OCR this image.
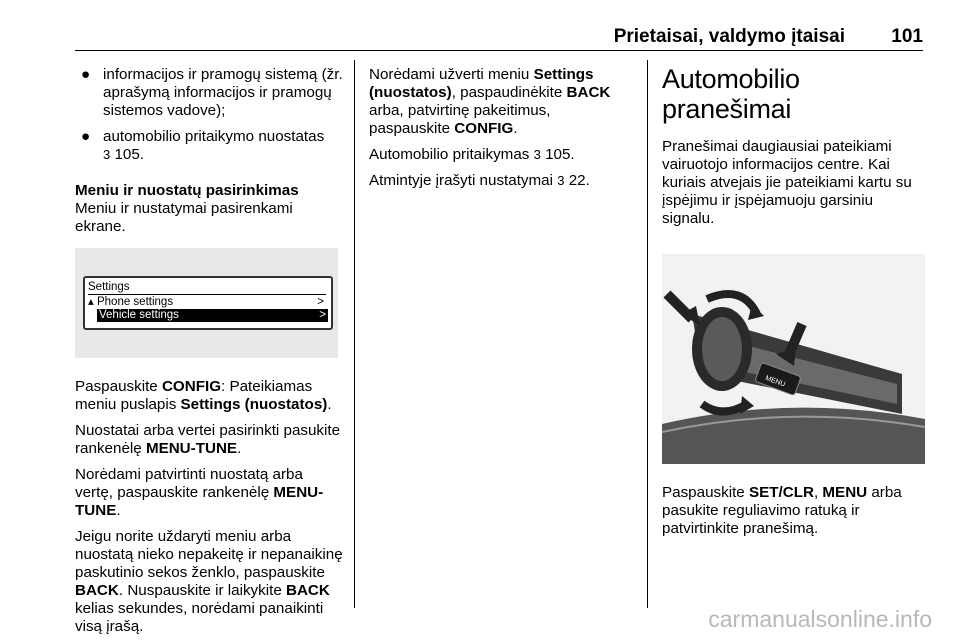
Prietaisai, valdymo įtaisai 101
● informacijos ir pramogų sistemą (žr. aprašymą informacijos ir pramogų sistemos vadove);
● automobilio pritaikymo nuostatas
3 105.

Meniu ir nuostatų pasirinkimas

Meniu ir nustatymai pasirenkami ekrane.

Settings
▴ Phone settings	>
Vehicle settings	>

Paspauskite CONFIG: Pateikiamas meniu puslapis Settings (nuostatos).

Nuostatai arba vertei pasirinkti pasukite rankenėlę MENU-TUNE.

Norėdami patvirtinti nuostatą arba vertę, paspauskite rankenėlę MENU-TUNE.

Jeigu norite uždaryti meniu arba nuostatą nieko nepakeitę ir nepanaikinę paskutinio sekos ženklo, paspauskite BACK. Nuspauskite ir laikykite BACK kelias sekundes, norėdami panaikinti visą įrašą.

Norėdami užverti meniu Settings (nuostatos), paspaudinėkite BACK arba, patvirtinę pakeitimus, paspauskite CONFIG.

Automobilio pritaikymas 3 105.

Atmintyje įrašyti nustatymai 3 22.

Automobilio pranešimai

Pranešimai daugiausiai pateikiami vairuotojo informacijos centre. Kai kuriais atvejais jie pateikiami kartu su įspėjimu ir įspėjamuoju garsiniu signalu.

MENU

Paspauskite SET/CLR, MENU arba pasukite reguliavimo ratuką ir patvirtinkite pranešimą.

carmanualsonline.info
